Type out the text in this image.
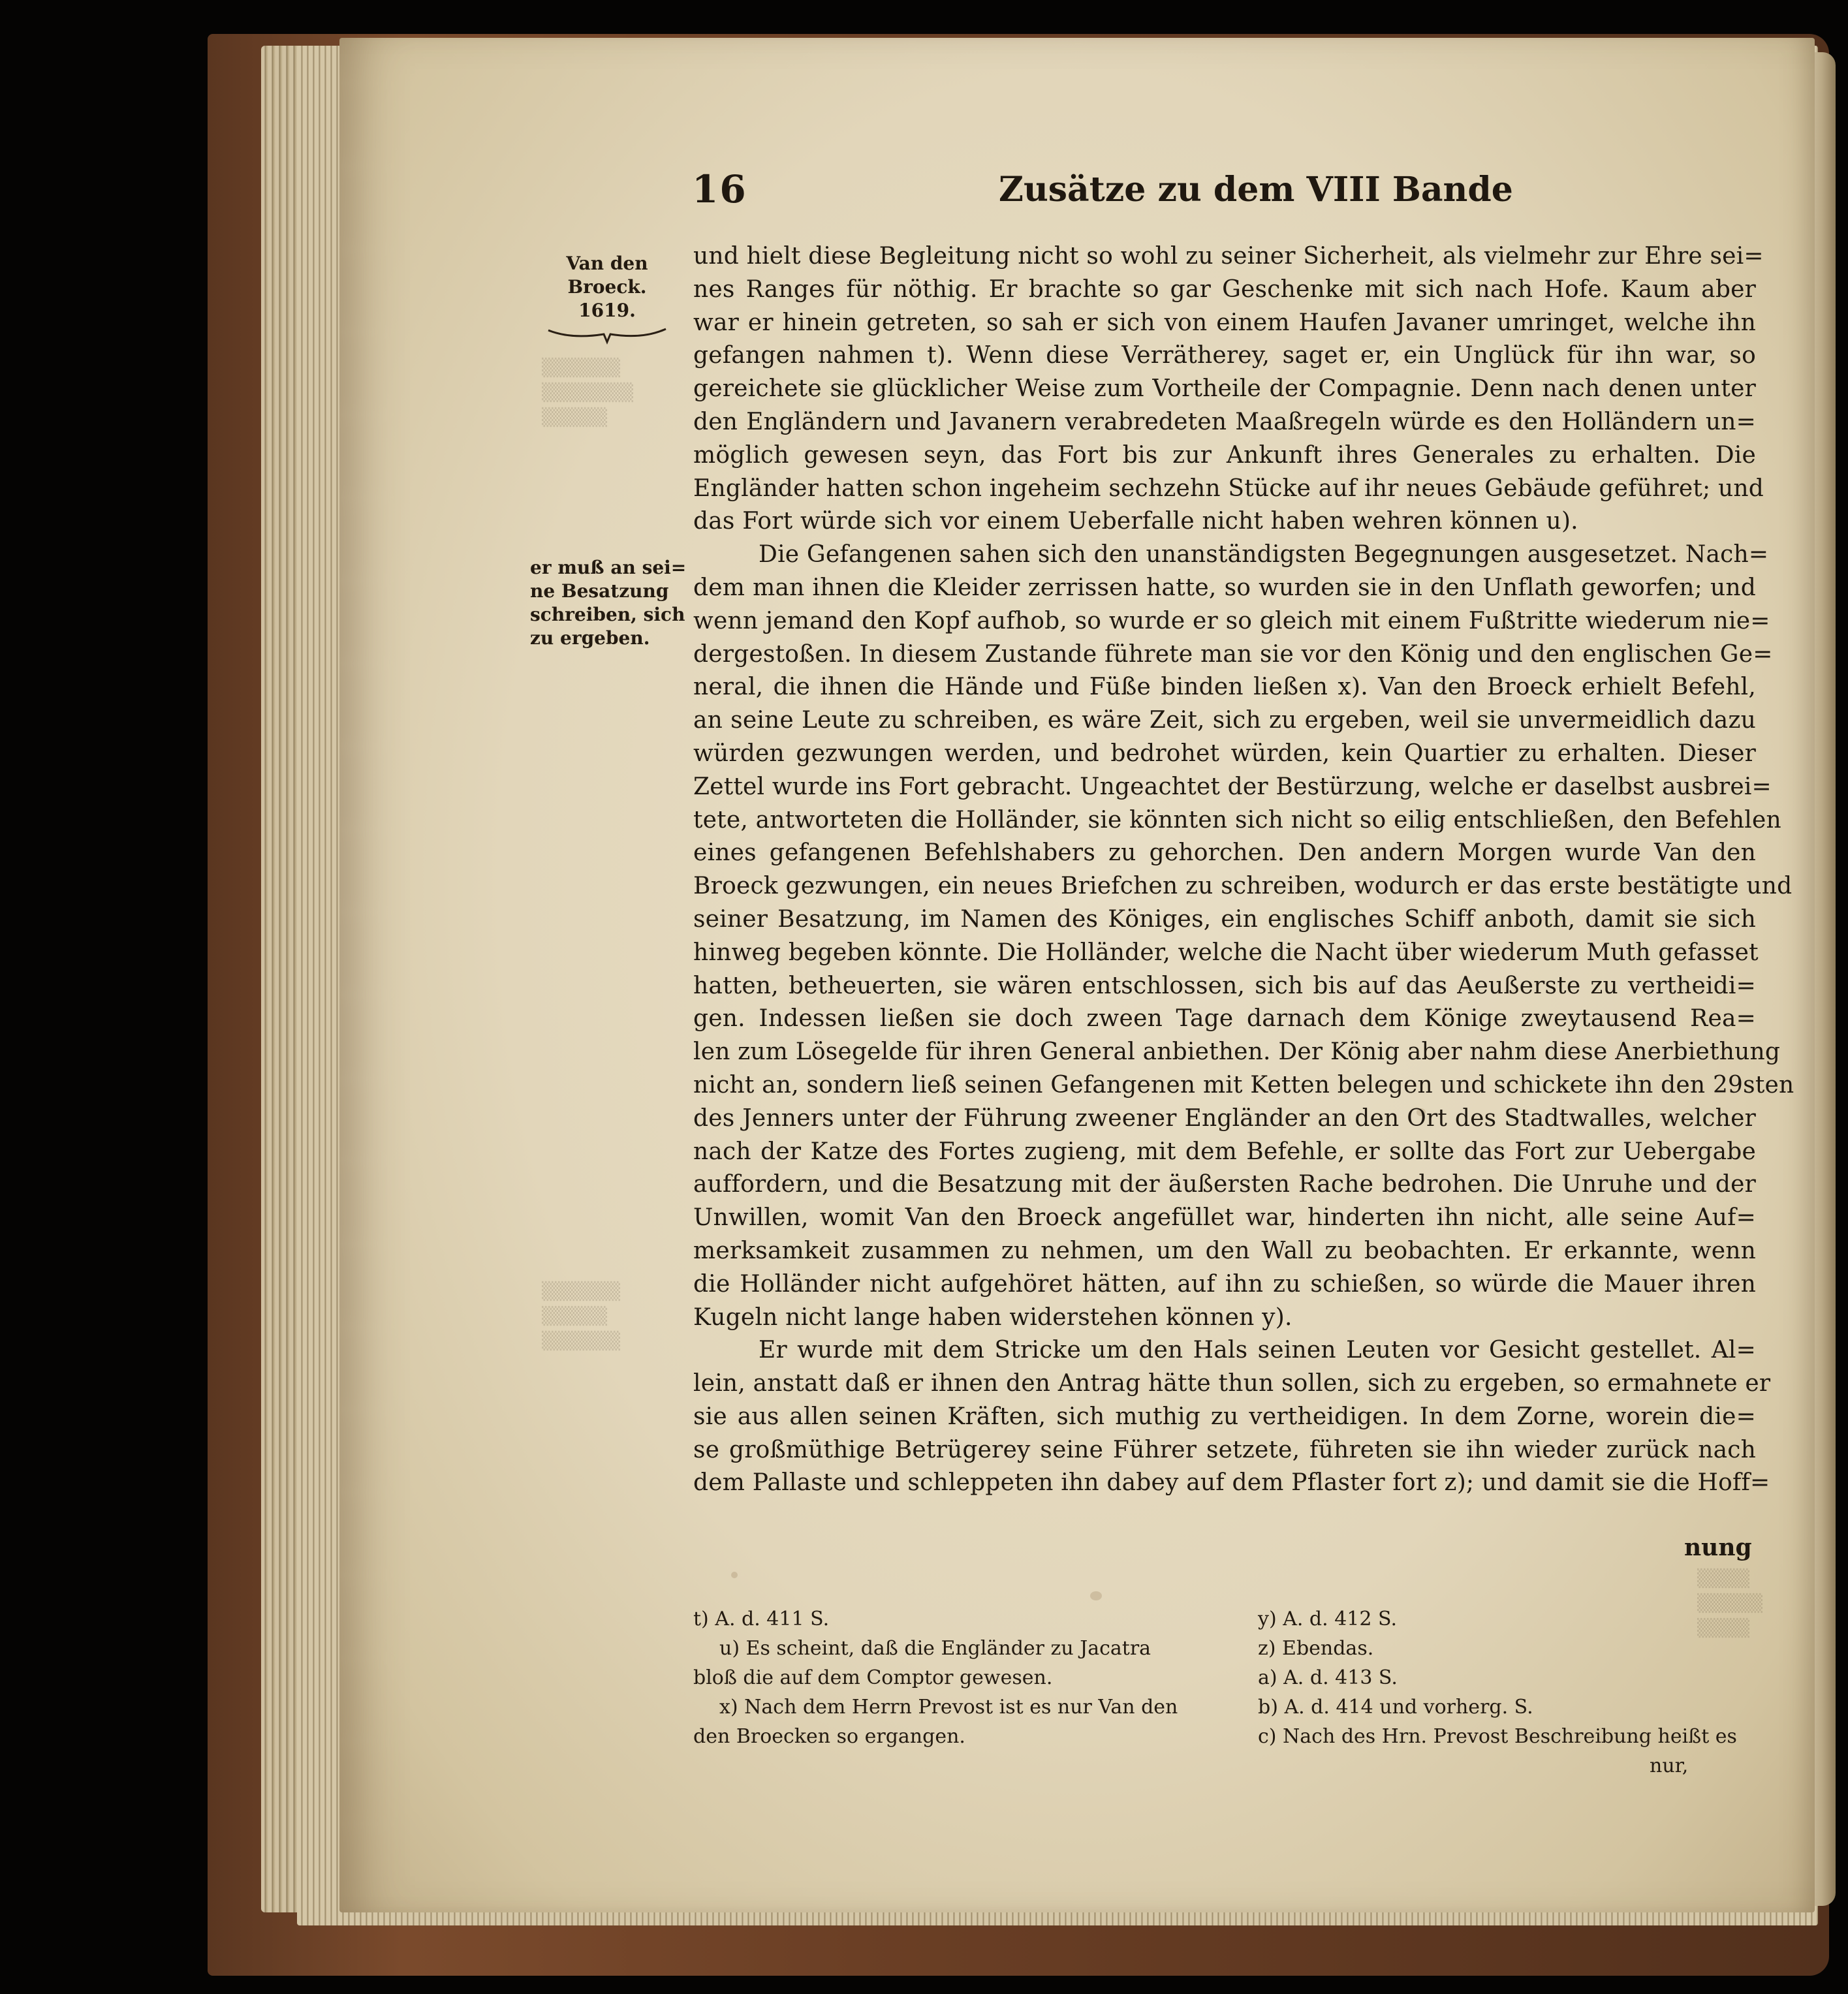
▒▒▒▒▒▒
▒▒▒▒▒▒▒
▒▒▒▒▒
▒▒▒▒▒▒
▒▒▒▒▒
▒▒▒▒▒▒
▒▒▒▒
▒▒▒▒▒
▒▒▒▒
16	Zusätze zu dem VIII Bande
Van den
Broeck.
1619.
er muß an sei=
ne Besatzung
schreiben, sich
zu ergeben.
und hielt diese Begleitung nicht so wohl zu seiner Sicherheit, als vielmehr zur Ehre sei=
nes Ranges für nöthig. Er brachte so gar Geschenke mit sich nach Hofe. Kaum aber
war er hinein getreten, so sah er sich von einem Haufen Javaner umringet, welche ihn
gefangen nahmen t). Wenn diese Verrätherey, saget er, ein Unglück für ihn war, so
gereichete sie glücklicher Weise zum Vortheile der Compagnie. Denn nach denen unter
den Engländern und Javanern verabredeten Maaßregeln würde es den Holländern un=
möglich gewesen seyn, das Fort bis zur Ankunft ihres Generales zu erhalten. Die
Engländer hatten schon ingeheim sechzehn Stücke auf ihr neues Gebäude geführet; und
das Fort würde sich vor einem Ueberfalle nicht haben wehren können u).
Die Gefangenen sahen sich den unanständigsten Begegnungen ausgesetzet. Nach=
dem man ihnen die Kleider zerrissen hatte, so wurden sie in den Unflath geworfen; und
wenn jemand den Kopf aufhob, so wurde er so gleich mit einem Fußtritte wiederum nie=
dergestoßen. In diesem Zustande führete man sie vor den König und den englischen Ge=
neral, die ihnen die Hände und Füße binden ließen x). Van den Broeck erhielt Befehl,
an seine Leute zu schreiben, es wäre Zeit, sich zu ergeben, weil sie unvermeidlich dazu
würden gezwungen werden, und bedrohet würden, kein Quartier zu erhalten. Dieser
Zettel wurde ins Fort gebracht. Ungeachtet der Bestürzung, welche er daselbst ausbrei=
tete, antworteten die Holländer, sie könnten sich nicht so eilig entschließen, den Befehlen
eines gefangenen Befehlshabers zu gehorchen. Den andern Morgen wurde Van den
Broeck gezwungen, ein neues Briefchen zu schreiben, wodurch er das erste bestätigte und
seiner Besatzung, im Namen des Königes, ein englisches Schiff anboth, damit sie sich
hinweg begeben könnte. Die Holländer, welche die Nacht über wiederum Muth gefasset
hatten, betheuerten, sie wären entschlossen, sich bis auf das Aeußerste zu vertheidi=
gen. Indessen ließen sie doch zween Tage darnach dem Könige zweytausend Rea=
len zum Lösegelde für ihren General anbiethen. Der König aber nahm diese Anerbiethung
nicht an, sondern ließ seinen Gefangenen mit Ketten belegen und schickete ihn den 29sten
des Jenners unter der Führung zweener Engländer an den Ort des Stadtwalles, welcher
nach der Katze des Fortes zugieng, mit dem Befehle, er sollte das Fort zur Uebergabe
auffordern, und die Besatzung mit der äußersten Rache bedrohen. Die Unruhe und der
Unwillen, womit Van den Broeck angefüllet war, hinderten ihn nicht, alle seine Auf=
merksamkeit zusammen zu nehmen, um den Wall zu beobachten. Er erkannte, wenn
die Holländer nicht aufgehöret hätten, auf ihn zu schießen, so würde die Mauer ihren
Kugeln nicht lange haben widerstehen können y).
Er wurde mit dem Stricke um den Hals seinen Leuten vor Gesicht gestellet. Al=
lein, anstatt daß er ihnen den Antrag hätte thun sollen, sich zu ergeben, so ermahnete er
sie aus allen seinen Kräften, sich muthig zu vertheidigen. In dem Zorne, worein die=
se großmüthige Betrügerey seine Führer setzete, führeten sie ihn wieder zurück nach
dem Pallaste und schleppeten ihn dabey auf dem Pflaster fort z); und damit sie die Hoff=
nung
t) A. d. 411 S.
u) Es scheint, daß die Engländer zu Jacatra
bloß die auf dem Comptor gewesen.
x) Nach dem Herrn Prevost ist es nur Van den
den Broecken so ergangen.
y) A. d. 412 S.
z) Ebendas.
a) A. d. 413 S.
b) A. d. 414 und vorherg. S.
c) Nach des Hrn. Prevost Beschreibung heißt es
nur,
